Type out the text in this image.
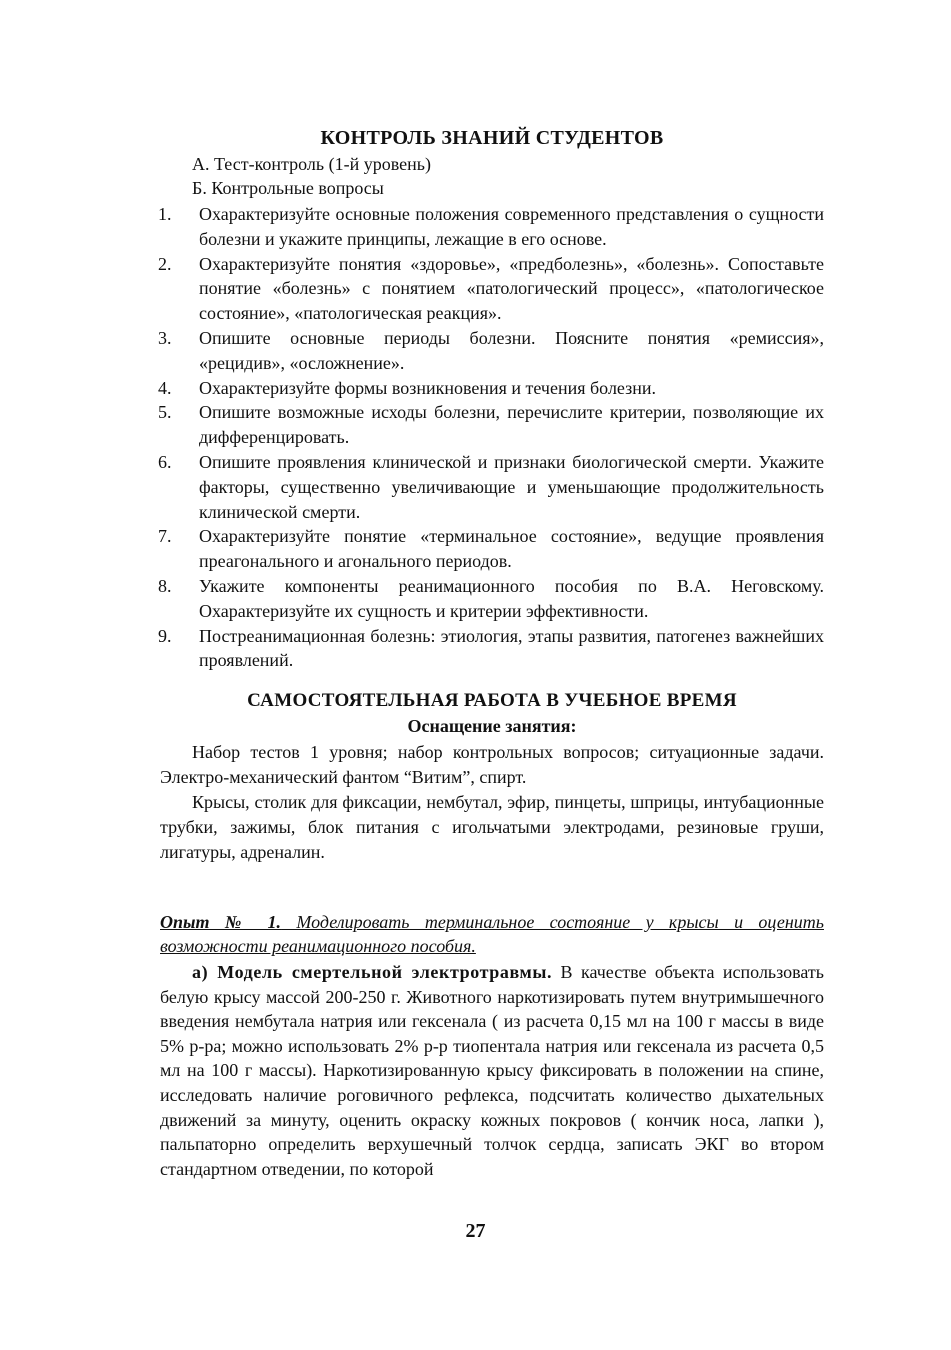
КОНТРОЛЬ ЗНАНИЙ СТУДЕНТОВ
А. Тест-контроль (1-й уровень)
Б. Контрольные вопросы
1.	Охарактеризуйте основные положения современного представления о сущности болезни и укажите принципы, лежащие в его основе.
2.	Охарактеризуйте понятия «здоровье», «предболезнь», «болезнь». Сопоставьте понятие «болезнь» с понятием «патологический процесс», «патологическое состояние», «патологическая реакция».
3.	Опишите основные периоды болезни. Поясните понятия «ремиссия», «рецидив», «осложнение».
4.	Охарактеризуйте формы возникновения и течения болезни.
5.	Опишите возможные исходы болезни, перечислите критерии, позволяющие их дифференцировать.
6.	Опишите проявления клинической и признаки биологической смерти. Укажите факторы, существенно увеличивающие и уменьшающие продолжительность клинической смерти.
7.	Охарактеризуйте понятие «терминальное состояние», ведущие проявления преагонального и агонального периодов.
8.	Укажите компоненты реанимационного пособия по В.А. Неговскому. Охарактеризуйте их сущность и критерии эффективности.
9.	Постреанимационная болезнь: этиология, этапы развития, патогенез важнейших проявлений.
САМОСТОЯТЕЛЬНАЯ РАБОТА В УЧЕБНОЕ ВРЕМЯ
Оснащение занятия:

Набор тестов 1 уровня; набор контрольных вопросов; ситуационные задачи. Электро-механический фантом “Витим”, спирт.

Крысы, столик для фиксации, нембутал, эфир, пинцеты, шприцы, интубационные трубки, зажимы, блок питания с игольчатыми электродами, резиновые груши, лигатуры, адреналин.

Опыт № 1. Моделировать терминальное состояние у крысы и оценить возможности реанимационного пособия.

а) Модель смертельной электротравмы. В качестве объекта использовать белую крысу массой 200-250 г. Животного наркотизировать путем внутримышечного введения нембутала натрия или гексенала ( из расчета 0,15 мл на 100 г массы в виде 5% р-ра; можно использовать 2% р-р тиопентала натрия или гексенала из расчета 0,5 мл на 100 г массы). Наркотизированную крысу фиксировать в положении на спине, исследовать наличие роговичного рефлекса, подсчитать количество дыхательных движений за минуту, оценить окраску кожных покровов ( кончик носа, лапки ), пальпаторно определить верхушечный толчок сердца, записать ЭКГ во втором стандартном отведении, по которой

27
